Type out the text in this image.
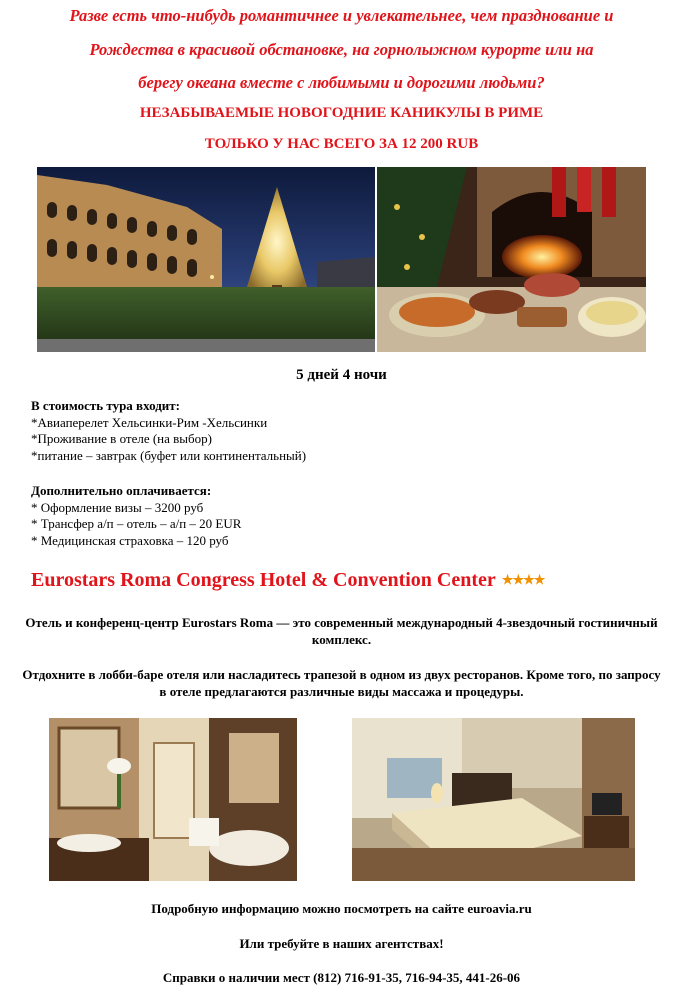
Разве есть что-нибудь романтичнее и увлекательнее, чем празднование и
Рождества в красивой обстановке, на горнолыжном курорте или на
берегу океана вместе с любимыми и дорогими людьми?
НЕЗАБЫВАЕМЫЕ НОВОГОДНИЕ КАНИКУЛЫ В РИМЕ
ТОЛЬКО У НАС ВСЕГО ЗА 12 200 RUB
5 дней 4 ночи
В стоимость тура входит:
*Авиаперелет Хельсинки-Рим -Хельсинки
*Проживание в отеле (на выбор)
*питание – завтрак (буфет или континентальный)
Дополнительно оплачивается:
* Оформление визы – 3200 руб
* Трансфер а/п – отель – а/п – 20 EUR
* Медицинская страховка – 120 руб
Eurostars Roma Congress Hotel & Convention Center ★★★★
Отель и конференц-центр Eurostars Roma — это современный международный 4-звездочный гостиничный комплекс.
Отдохните в лобби-баре отеля или насладитесь трапезой в одном из двух ресторанов. Кроме того, по запросу в отеле предлагаются различные виды массажа и процедуры.
Подробную информацию можно посмотреть на сайте euroavia.ru
Или требуйте в наших агентствах!
Справки о наличии мест (812) 716-91-35, 716-94-35, 441-26-06
